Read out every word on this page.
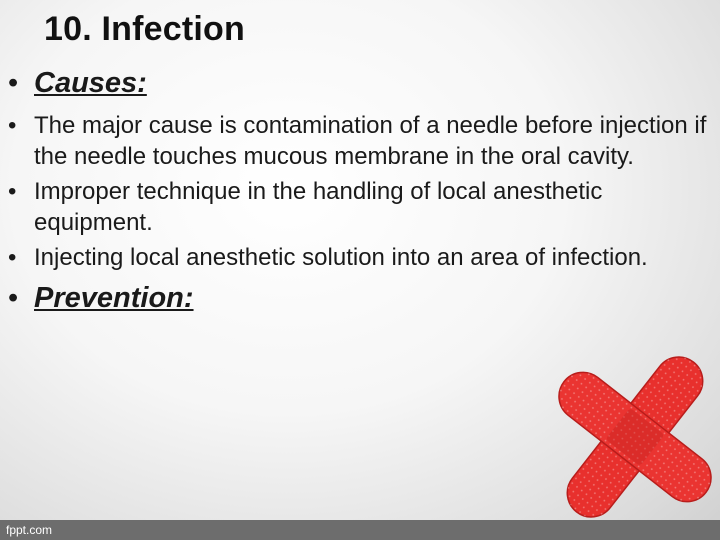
10. Infection
• Causes:
• The major cause is contamination of a needle before injection if the needle touches mucous membrane in the oral cavity.
• Improper technique in the handling of local anesthetic equipment.
• Injecting local anesthetic solution into an area of infection.
• Prevention:
fppt.com
